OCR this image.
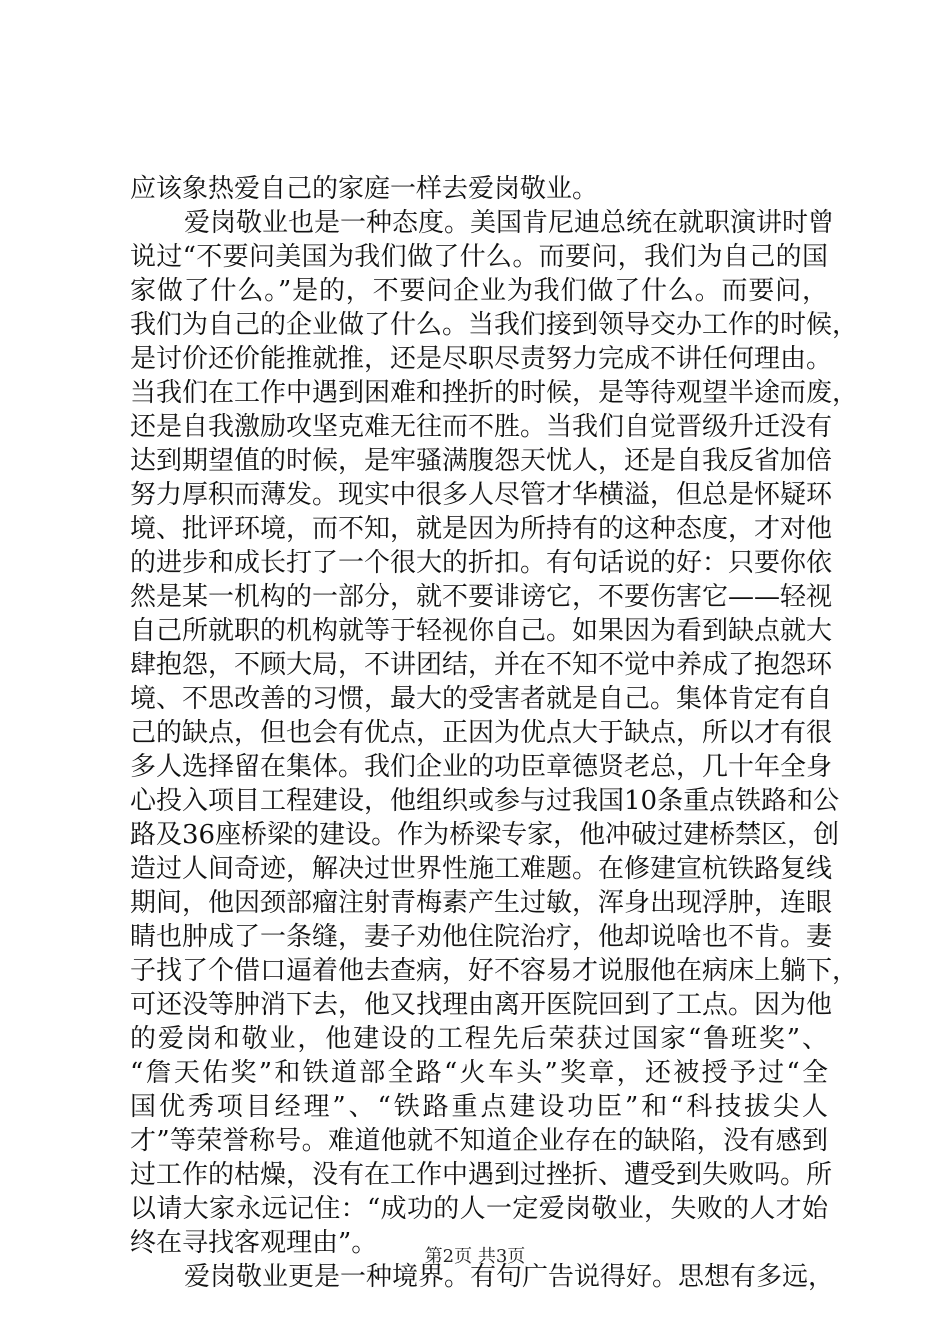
应该象热爱自己的家庭一样去爱岗敬业。
爱岗敬业也是一种态度。美国肯尼迪总统在就职演讲时曾
说过“不要问美国为我们做了什么。而要问，我们为自己的国
家做了什么。”是的，不要问企业为我们做了什么。而要问，
我们为自己的企业做了什么。当我们接到领导交办工作的时候，
是讨价还价能推就推，还是尽职尽责努力完成不讲任何理由。
当我们在工作中遇到困难和挫折的时候，是等待观望半途而废，
还是自我激励攻坚克难无往而不胜。当我们自觉晋级升迁没有
达到期望值的时候，是牢骚满腹怨天忧人，还是自我反省加倍
努力厚积而薄发。现实中很多人尽管才华横溢，但总是怀疑环
境、批评环境，而不知，就是因为所持有的这种态度，才对他
的进步和成长打了一个很大的折扣。有句话说的好：只要你依
然是某一机构的一部分，就不要诽谤它，不要伤害它——轻视
自己所就职的机构就等于轻视你自己。如果因为看到缺点就大
肆抱怨，不顾大局，不讲团结，并在不知不觉中养成了抱怨环
境、不思改善的习惯，最大的受害者就是自己。集体肯定有自
己的缺点，但也会有优点，正因为优点大于缺点，所以才有很
多人选择留在集体。我们企业的功臣章德贤老总，几十年全身
心投入项目工程建设，他组织或参与过我国10条重点铁路和公
路及36座桥梁的建设。作为桥梁专家，他冲破过建桥禁区，创
造过人间奇迹，解决过世界性施工难题。在修建宣杭铁路复线
期间，他因颈部瘤注射青梅素产生过敏，浑身出现浮肿，连眼
睛也肿成了一条缝，妻子劝他住院治疗，他却说啥也不肯。妻
子找了个借口逼着他去查病，好不容易才说服他在病床上躺下，
可还没等肿消下去，他又找理由离开医院回到了工点。因为他
的爱岗和敬业，他建设的工程先后荣获过国家“鲁班奖”、
“詹天佑奖”和铁道部全路“火车头”奖章，还被授予过“全
国优秀项目经理”、“铁路重点建设功臣”和“科技拔尖人
才”等荣誉称号。难道他就不知道企业存在的缺陷，没有感到
过工作的枯燥，没有在工作中遇到过挫折、遭受到失败吗。所
以请大家永远记住：“成功的人一定爱岗敬业，失败的人才始
终在寻找客观理由”。
爱岗敬业更是一种境界。有句广告说得好。思想有多远，
第2页 共3页
